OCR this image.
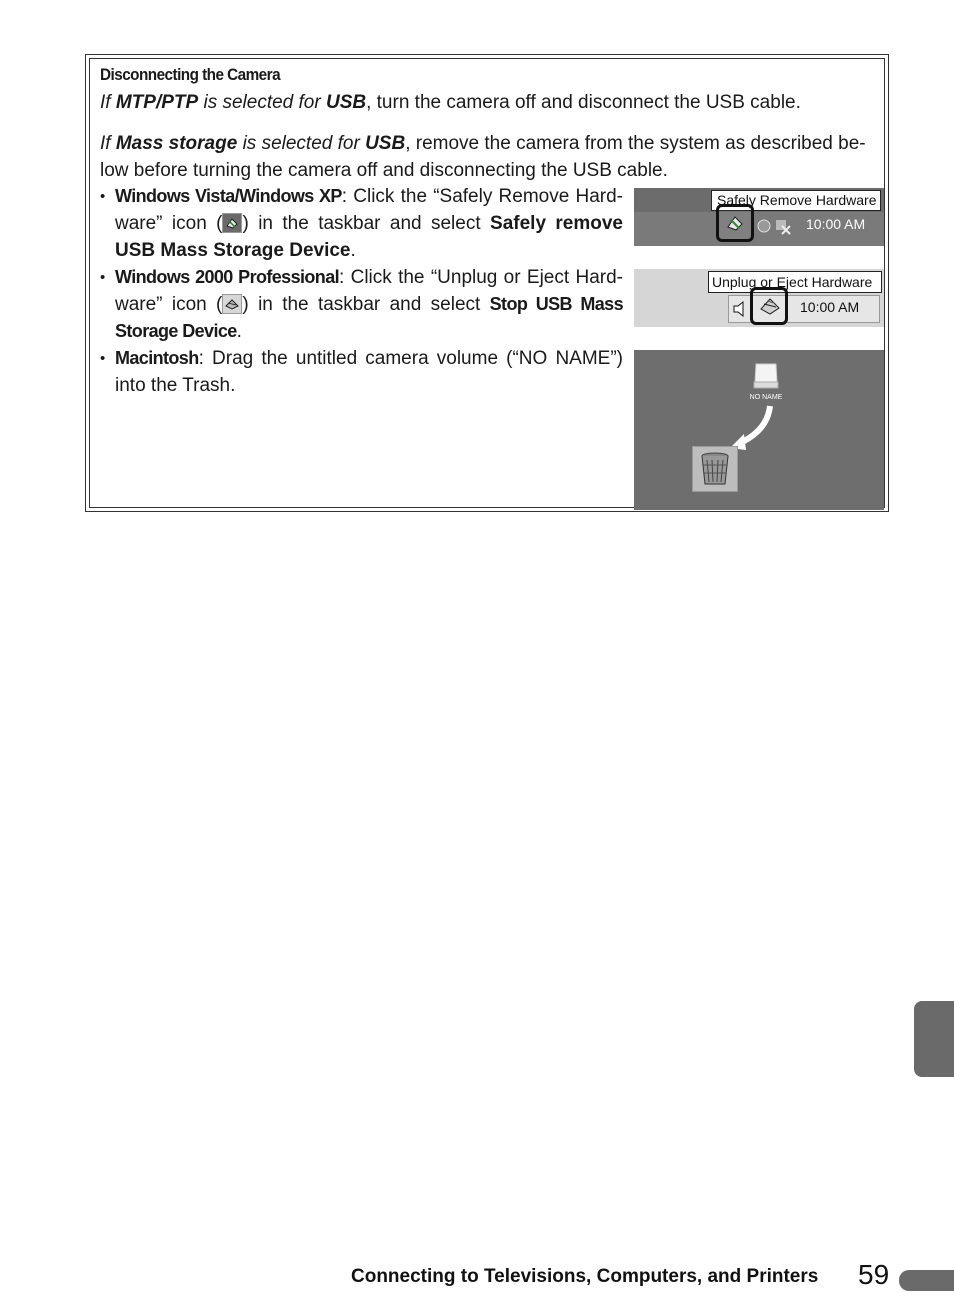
Disconnecting the Camera
If MTP/PTP is selected for USB, turn the camera off and disconnect the USB cable.
If Mass storage is selected for USB, remove the camera from the system as described be-low before turning the camera off and disconnecting the USB cable.
• Windows Vista/Windows XP: Click the “Safely Remove Hard-ware” icon ( ) in the taskbar and select Safely remove USB Mass Storage Device.
• Windows 2000 Professional: Click the “Unplug or Eject Hard-ware” icon ( ) in the taskbar and select Stop USB Mass Storage Device.
• Macintosh: Drag the untitled camera volume (“NO NAME”) into the Trash.
Safely Remove Hardware
10:00 AM
Unplug or Eject Hardware
10:00 AM
NO NAME
Connecting to Televisions, Computers, and Printers 59
